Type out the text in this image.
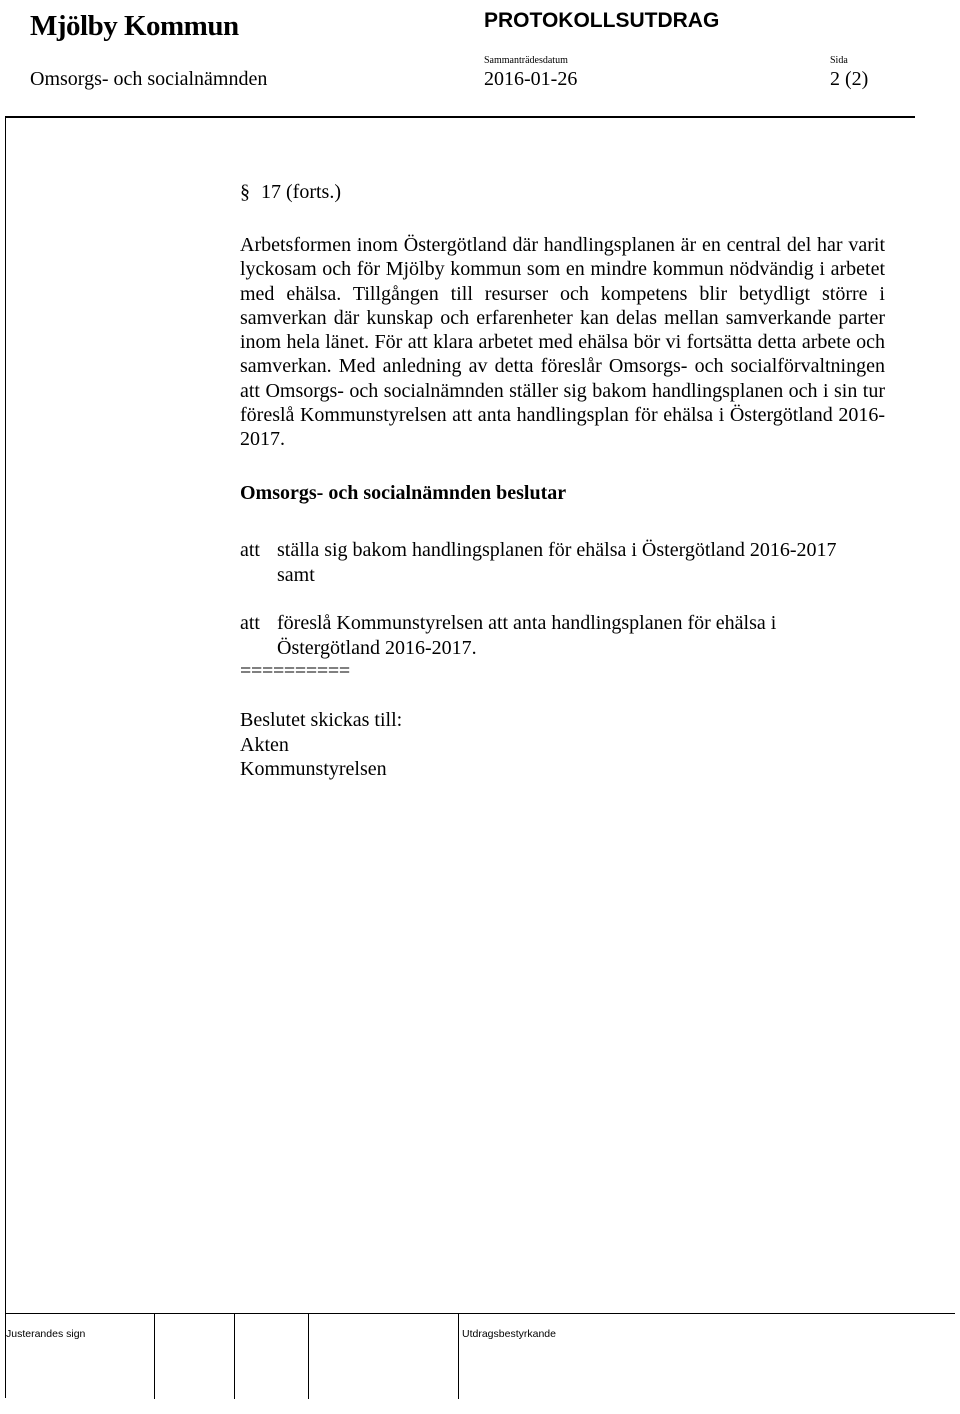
Mjölby Kommun	PROTOKOLLSUTDRAG
Omsorgs- och socialnämnden
Sammanträdesdatum
2016-01-26
Sida
2 (2)
§ 17 (forts.)

Arbetsformen inom Östergötland där handlingsplanen är en central del har varit lyckosam och för Mjölby kommun som en mindre kommun nödvändig i arbetet med ehälsa. Tillgången till resurser och kompetens blir betydligt större i samverkan där kunskap och erfarenheter kan delas mellan samverkande parter inom hela länet. För att klara arbetet med ehälsa bör vi fortsätta detta arbete och samverkan. Med anledning av detta föreslår Omsorgs- och socialförvaltningen att Omsorgs- och socialnämnden ställer sig bakom handlingsplanen och i sin tur föreslå Kommunstyrelsen att anta handlingsplan för ehälsa i Östergötland 2016-2017.

Omsorgs- och socialnämnden beslutar
att ställa sig bakom handlingsplanen för ehälsa i Östergötland 2016-2017 samt
att föreslå Kommunstyrelsen att anta handlingsplanen för ehälsa i Östergötland 2016-2017.
==========
Beslutet skickas till:
Akten
Kommunstyrelsen
Justerandes sign	Utdragsbestyrkande
